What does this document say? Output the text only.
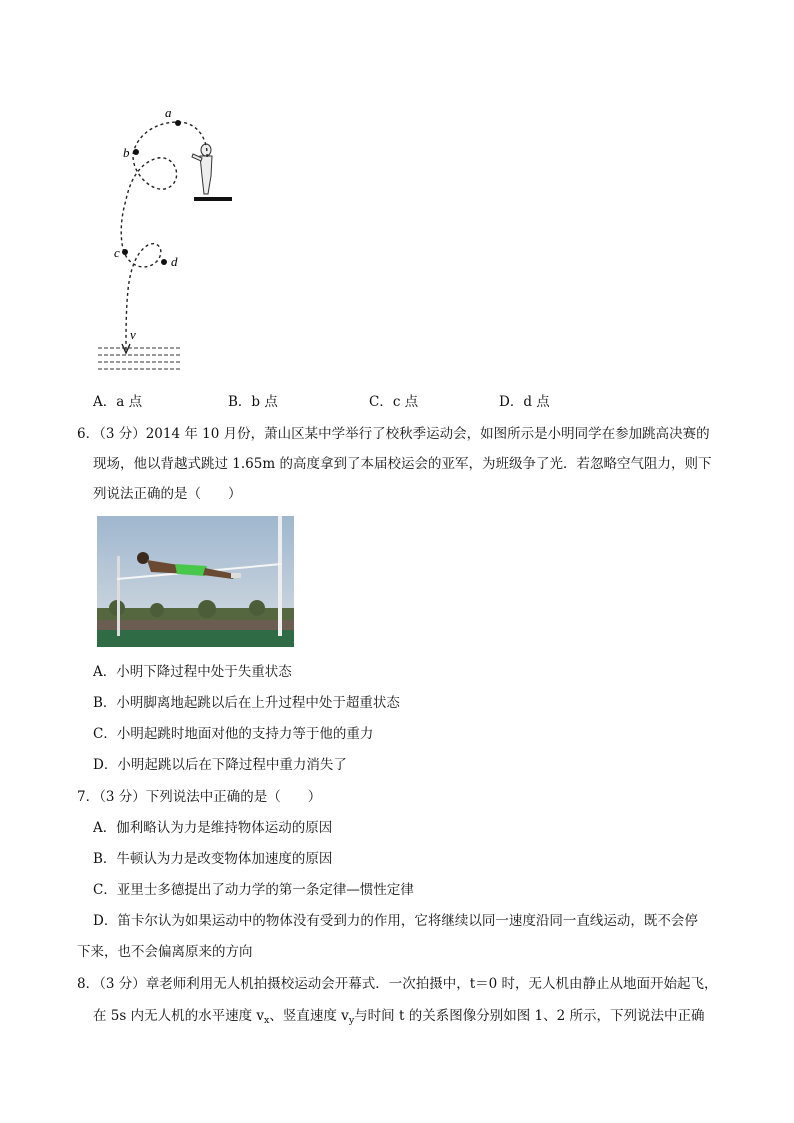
a
b
c
d
v
A．a 点	B．b 点	C．c 点	D．d 点
6．（3 分）2014 年 10 月份，萧山区某中学举行了校秋季运动会，如图所示是小明同学在参加跳高决赛的
现场，他以背越式跳过 1.65m 的高度拿到了本届校运会的亚军，为班级争了光．若忽略空气阻力，则下
列说法正确的是（　　）
A．小明下降过程中处于失重状态
B．小明脚离地起跳以后在上升过程中处于超重状态
C．小明起跳时地面对他的支持力等于他的重力
D．小明起跳以后在下降过程中重力消失了
7．（3 分）下列说法中正确的是（　　）
A．伽利略认为力是维持物体运动的原因
B．牛顿认为力是改变物体加速度的原因
C．亚里士多德提出了动力学的第一条定律—惯性定律
D．笛卡尔认为如果运动中的物体没有受到力的作用，它将继续以同一速度沿同一直线运动，既不会停
下来，也不会偏离原来的方向
8．（3 分）章老师利用无人机拍摄校运动会开幕式．一次拍摄中，t＝0 时，无人机由静止从地面开始起飞，
在 5s 内无人机的水平速度 $v_x$、竖直速度 $v_y$与时间 t 的关系图像分别如图 1、2 所示，下列说法中正确
